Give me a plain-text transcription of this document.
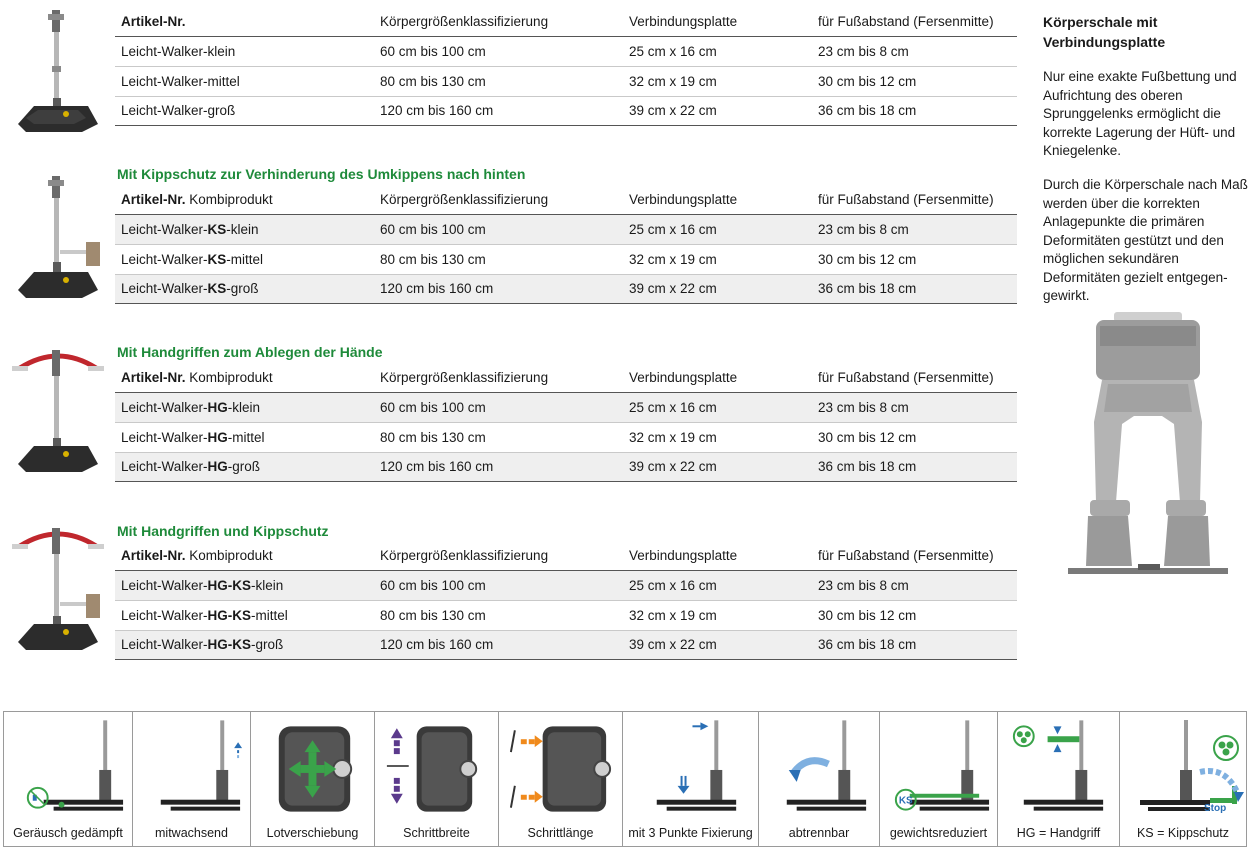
Mit Kippschutz zur Verhinderung des Umkippens nach hinten
Mit Handgriffen zum Ablegen der Hände
Mit Handgriffen und Kippschutz
Artikel-Nr.	Körpergrößenklassifizierung	Verbindungsplatte	für Fußabstand (Fersenmitte)
Leicht-Walker-klein	60 cm bis 100 cm	25 cm x 16 cm	23 cm bis 8 cm
Leicht-Walker-mittel	80 cm bis 130 cm	32 cm x 19 cm	30 cm bis 12 cm
Leicht-Walker-groß	120 cm bis 160 cm	39 cm x 22 cm	36 cm bis 18 cm
Artikel-Nr. Kombiprodukt	Körpergrößenklassifizierung	Verbindungsplatte	für Fußabstand (Fersenmitte)
Leicht-Walker-KS-klein	60 cm bis 100 cm	25 cm x 16 cm	23 cm bis 8 cm
Leicht-Walker-KS-mittel	80 cm bis 130 cm	32 cm x 19 cm	30 cm bis 12 cm
Leicht-Walker-KS-groß	120 cm bis 160 cm	39 cm x 22 cm	36 cm bis 18 cm
Artikel-Nr. Kombiprodukt	Körpergrößenklassifizierung	Verbindungsplatte	für Fußabstand (Fersenmitte)
Leicht-Walker-HG-klein	60 cm bis 100 cm	25 cm x 16 cm	23 cm bis 8 cm
Leicht-Walker-HG-mittel	80 cm bis 130 cm	32 cm x 19 cm	30 cm bis 12 cm
Leicht-Walker-HG-groß	120 cm bis 160 cm	39 cm x 22 cm	36 cm bis 18 cm
Artikel-Nr. Kombiprodukt	Körpergrößenklassifizierung	Verbindungsplatte	für Fußabstand (Fersenmitte)
Leicht-Walker-HG-KS-klein	60 cm bis 100 cm	25 cm x 16 cm	23 cm bis 8 cm
Leicht-Walker-HG-KS-mittel	80 cm bis 130 cm	32 cm x 19 cm	30 cm bis 12 cm
Leicht-Walker-HG-KS-groß	120 cm bis 160 cm	39 cm x 22 cm	36 cm bis 18 cm
Körperschale mit Verbindungsplatte
Nur eine exakte Fußbettung und Aufrichtung des oberen Sprunggelenks ermöglicht die korrekte Lagerung der Hüft- und Kniegelenke.
Durch die Körperschale nach Maß werden über die korrekten Anlagepunkte die primären Deformitäten gestützt und den möglichen sekundären Deformitäten gezielt entgegen- gewirkt.
Geräusch gedämpft	mitwachsend	Lotverschiebung	Schrittbreite	Schrittlänge	mit 3 Punkte Fixierung	abtrennbar
KS
gewichtsreduziert	HG = Handgriff
Stop
KS = Kippschutz
